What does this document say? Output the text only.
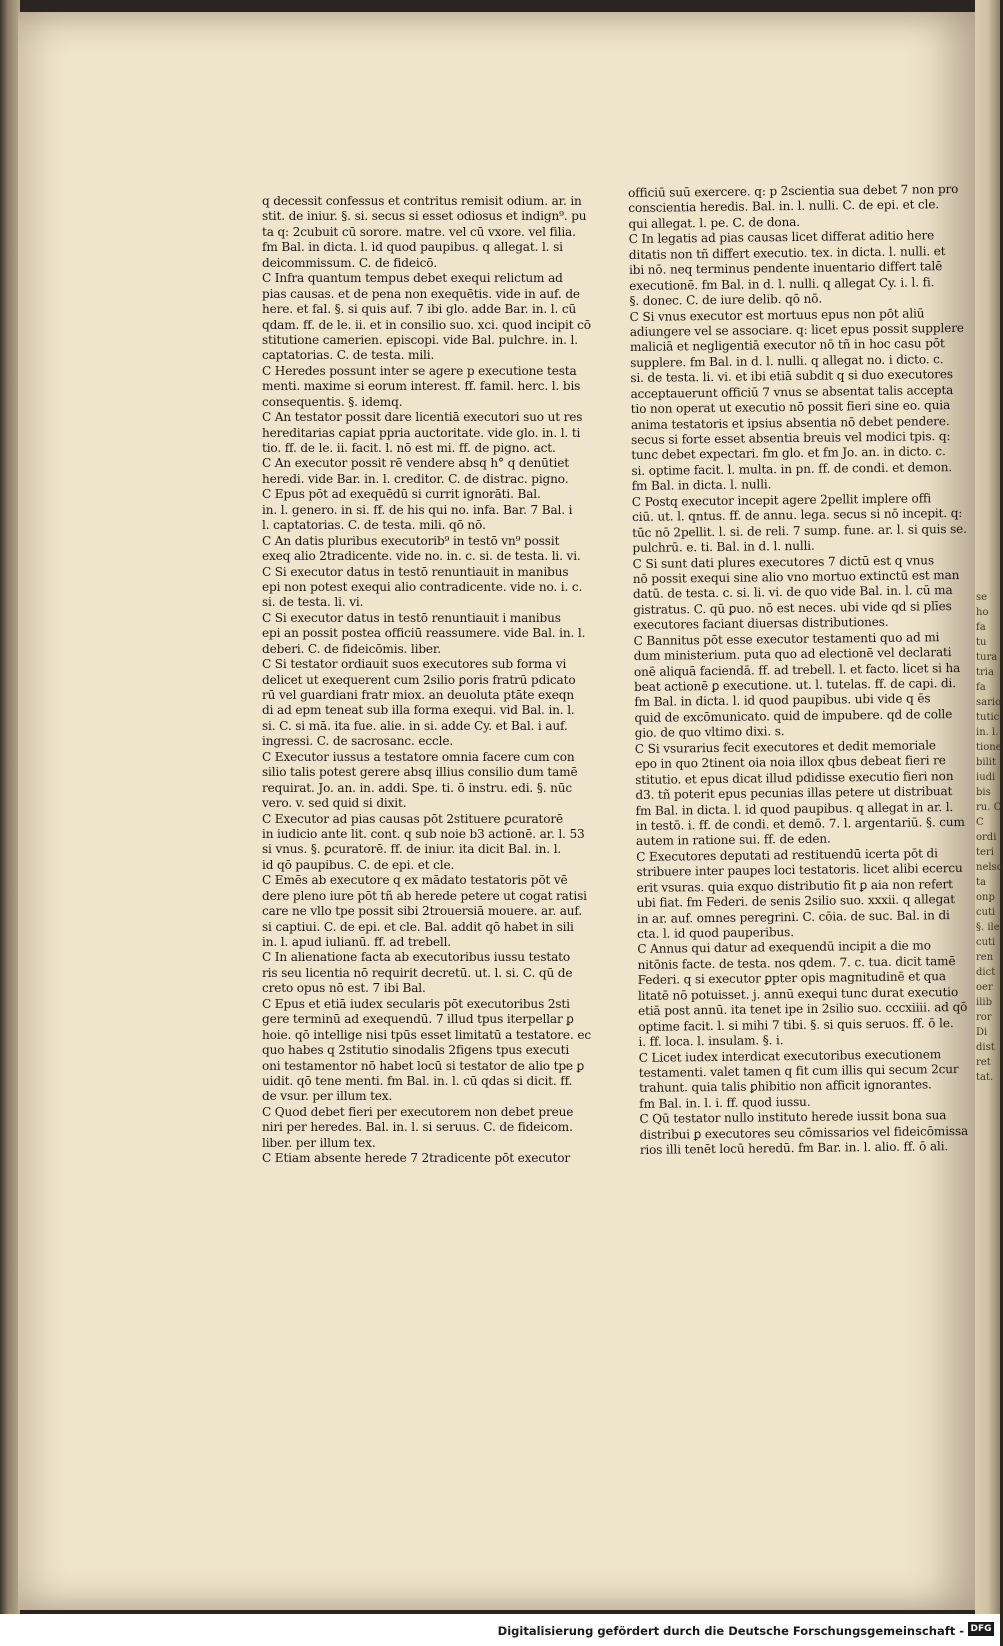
q decessit confessus et contritus remisit odium. ar. in
stit. de iniur. §. si. secus si esset odiosus et indign⁹. pu
ta q: 2cubuit cū sorore. matre. vel cū vxore. vel filia.
fm Bal. in dicta. l. id quod paupibus. q allegat. l. si
deicommissum. C. de fideicō.
C Infra quantum tempus debet exequi relictum ad
pias causas. et de pena non exequētis. vide in auf. de
here. et fal. §. si quis auf. 7 ibi glo. adde Bar. in. l. cū
qdam. ff. de le. ii. et in consilio suo. xci. quod incipit cō
stitutione camerien. episcopi. vide Bal. pulchre. in. l.
captatorias. C. de testa. mili.
C Heredes possunt inter se agere p executione testa
menti. maxime si eorum interest. ff. famil. herc. l. bis
consequentis. §. idemq.
C An testator possit dare licentiā executori suo ut res
hereditarias capiat ppria auctoritate. vide glo. in. l. ti
tio. ff. de le. ii. facit. l. nō est mi. ff. de pigno. act.
C An executor possit rē vendere absq h° q denūtiet
heredi. vide Bar. in. l. creditor. C. de distrac. pigno.
C Epus pōt ad exequēdū si currit ignorāti. Bal.
in. l. genero. in si. ff. de his qui no. infa. Bar. 7 Bal. i
l. captatorias. C. de testa. mili. qō nō.
C An datis pluribus executorib⁹ in testō vn⁹ possit
exeq alio 2tradicente. vide no. in. c. si. de testa. li. vi.
C Si executor datus in testō renuntiauit in manibus
epi non potest exequi alio contradicente. vide no. i. c.
si. de testa. li. vi.
C Si executor datus in testō renuntiauit i manibus
epi an possit postea officiū reassumere. vide Bal. in. l.
deberi. C. de fideicōmis. liber.
C Si testator ordiauit suos executores sub forma vi
delicet ut exequerent cum 2silio ꝑoris fratrū pdicato
rū vel guardiani fratr miox. an deuoluta ptāte exeqn
di ad epm teneat sub illa forma exequi. vid Bal. in. l.
si. C. si mā. ita fue. alie. in si. adde Cy. et Bal. i auf.
ingressi. C. de sacrosanc. eccle.
C Executor iussus a testatore omnia facere cum con
silio talis potest gerere absq illius consilio dum tamē
requirat. Jo. an. in. addi. Spe. ti. ō instru. edi. §. nūc
vero. v. sed quid si dixit.
C Executor ad pias causas pōt 2stituere ꝑcuratorē
in iudicio ante lit. cont. q sub noie b3 actionē. ar. l. 53
si vnus. §. ꝑcuratorē. ff. de iniur. ita dicit Bal. in. l.
id qō paupibus. C. de epi. et cle.
C Emēs ab executore q ex mādato testatoris pōt vē
dere pleno iure pōt tñ ab herede petere ut cogat ratisi
care ne vllo tpe possit sibi 2trouersiā mouere. ar. auf.
si captiui. C. de epi. et cle. Bal. addit qō habet in sili
in. l. apud iulianū. ff. ad trebell.
C In alienatione facta ab executoribus iussu testato
ris seu licentia nō requirit decretū. ut. l. si. C. qū de
creto opus nō est. 7 ibi Bal.
C Epus et etiā iudex secularis pōt executoribus 2sti
gere terminū ad exequendū. 7 illud tpus iterpellar ꝑ
hoie. qō intellige nisi tpūs esset limitatū a testatore. ec
quo habes q 2stitutio sinodalis 2figens tpus executi
oni testamentor nō habet locū si testator de alio tpe ꝑ
uidit. qō tene menti. fm Bal. in. l. cū qdas si dicit. ff.
de vsur. per illum tex.
C Quod debet fieri per executorem non debet preue
niri per heredes. Bal. in. l. si seruus. C. de fideicom.
liber. per illum tex.
C Etiam absente herede 7 2tradicente pōt executor
officiū suū exercere. q: p 2scientia sua debet 7 non pro
conscientia heredis. Bal. in. l. nulli. C. de epi. et cle.
qui allegat. l. pe. C. de dona.
C In legatis ad pias causas licet differat aditio here
ditatis non tñ differt executio. tex. in dicta. l. nulli. et
ibi nō. neq terminus pendente inuentario differt talē
executionē. fm Bal. in d. l. nulli. q allegat Cy. i. l. fi.
§. donec. C. de iure delib. qō nō.
C Si vnus executor est mortuus epus non pōt aliū
adiungere vel se associare. q: licet epus possit supplere
maliciā et negligentiā executor nō tñ in hoc casu pōt
supplere. fm Bal. in d. l. nulli. q allegat no. i dicto. c.
si. de testa. li. vi. et ibi etiā subdit q si duo executores
acceptauerunt officiū 7 vnus se absentat talis accepta
tio non operat ut executio nō possit fieri sine eo. quia
anima testatoris et ipsius absentia nō debet pendere.
secus si forte esset absentia breuis vel modici tpis. q:
tunc debet expectari. fm glo. et fm Jo. an. in dicto. c.
si. optime facit. l. multa. in pn. ff. de condi. et demon.
fm Bal. in dicta. l. nulli.
C Postq executor incepit agere 2pellit implere offi
ciū. ut. l. qntus. ff. de annu. lega. secus si nō incepit. q:
tūc nō 2pellit. l. si. de reli. 7 sump. fune. ar. l. si quis se.
pulchrū. e. ti. Bal. in d. l. nulli.
C Si sunt dati plures executores 7 dictū est q vnus
nō possit exequi sine alio vno mortuo extinctū est man
datū. de testa. c. si. li. vi. de quo vide Bal. in. l. cū ma
gistratus. C. qū ꝑuo. nō est neces. ubi vide qd si plīes
executores faciant diuersas distributiones.
C Bannitus pōt esse executor testamenti quo ad mi
dum ministerium. puta quo ad electionē vel declarati
onē aliquā faciendā. ff. ad trebell. l. et facto. licet si ha
beat actionē ꝑ executione. ut. l. tutelas. ff. de capi. di.
fm Bal. in dicta. l. id quod paupibus. ubi vide q ēs
quid de excōmunicato. quid de impubere. qd de colle
gio. de quo vltimo dixi. s.
C Si vsurarius fecit executores et dedit memoriale
epo in quo 2tinent oia noia illox qbus debeat fieri re
stitutio. et epus dicat illud pdidisse executio fieri non
d3. tñ poterit epus pecunias illas petere ut distribuat
fm Bal. in dicta. l. id quod paupibus. q allegat in ar. l.
in testō. i. ff. de condi. et demō. 7. l. argentariū. §. cum
autem in ratione sui. ff. de eden.
C Executores deputati ad restituendū icerta pōt di
stribuere inter paupes loci testatoris. licet alibi ecercu
erit vsuras. quia exquo distributio fit ꝑ aia non refert
ubi fiat. fm Federi. de senis 2silio suo. xxxii. q allegat
in ar. auf. omnes peregrini. C. cōia. de suc. Bal. in di
cta. l. id quod pauperibus.
C Annus qui datur ad exequendū incipit a die mo
nitōnis facte. de testa. nos qdem. 7. c. tua. dicit tamē
Federi. q si executor ꝑpter opis magnitudinē et qua
litatē nō potuisset. j. annū exequi tunc durat executio
etiā post annū. ita tenet ipe in 2silio suo. cccxiiii. ad qō
optime facit. l. si mihi 7 tibi. §. si quis seruos. ff. ō le.
i. ff. loca. l. insulam. §. i.
C Licet iudex interdicat executoribus executionem
testamenti. valet tamen q fit cum illis qui secum 2cur
trahunt. quia talis ꝑhibitio non afficit ignorantes.
fm Bal. in. l. i. ff. quod iussu.
C Qū testator nullo instituto herede iussit bona sua
distribui ꝑ executores seu cōmissarios vel fideicōmissa
rios illi tenēt locū heredū. fm Bar. in. l. alio. ff. ō ali.
se
ho
fa
tu
tura
tria
fa
sario
tutic
in. l.
tione
bilit
iudi
bis
ru. C
C
ordi
teri
nelso
ta
onp
cuti
§. ile
cuti
ren
dict
oer
ilib
ror
Di
dist
ret
tat.
Digitalisierung gefördert durch die Deutsche Forschungsgemeinschaft - DFG
